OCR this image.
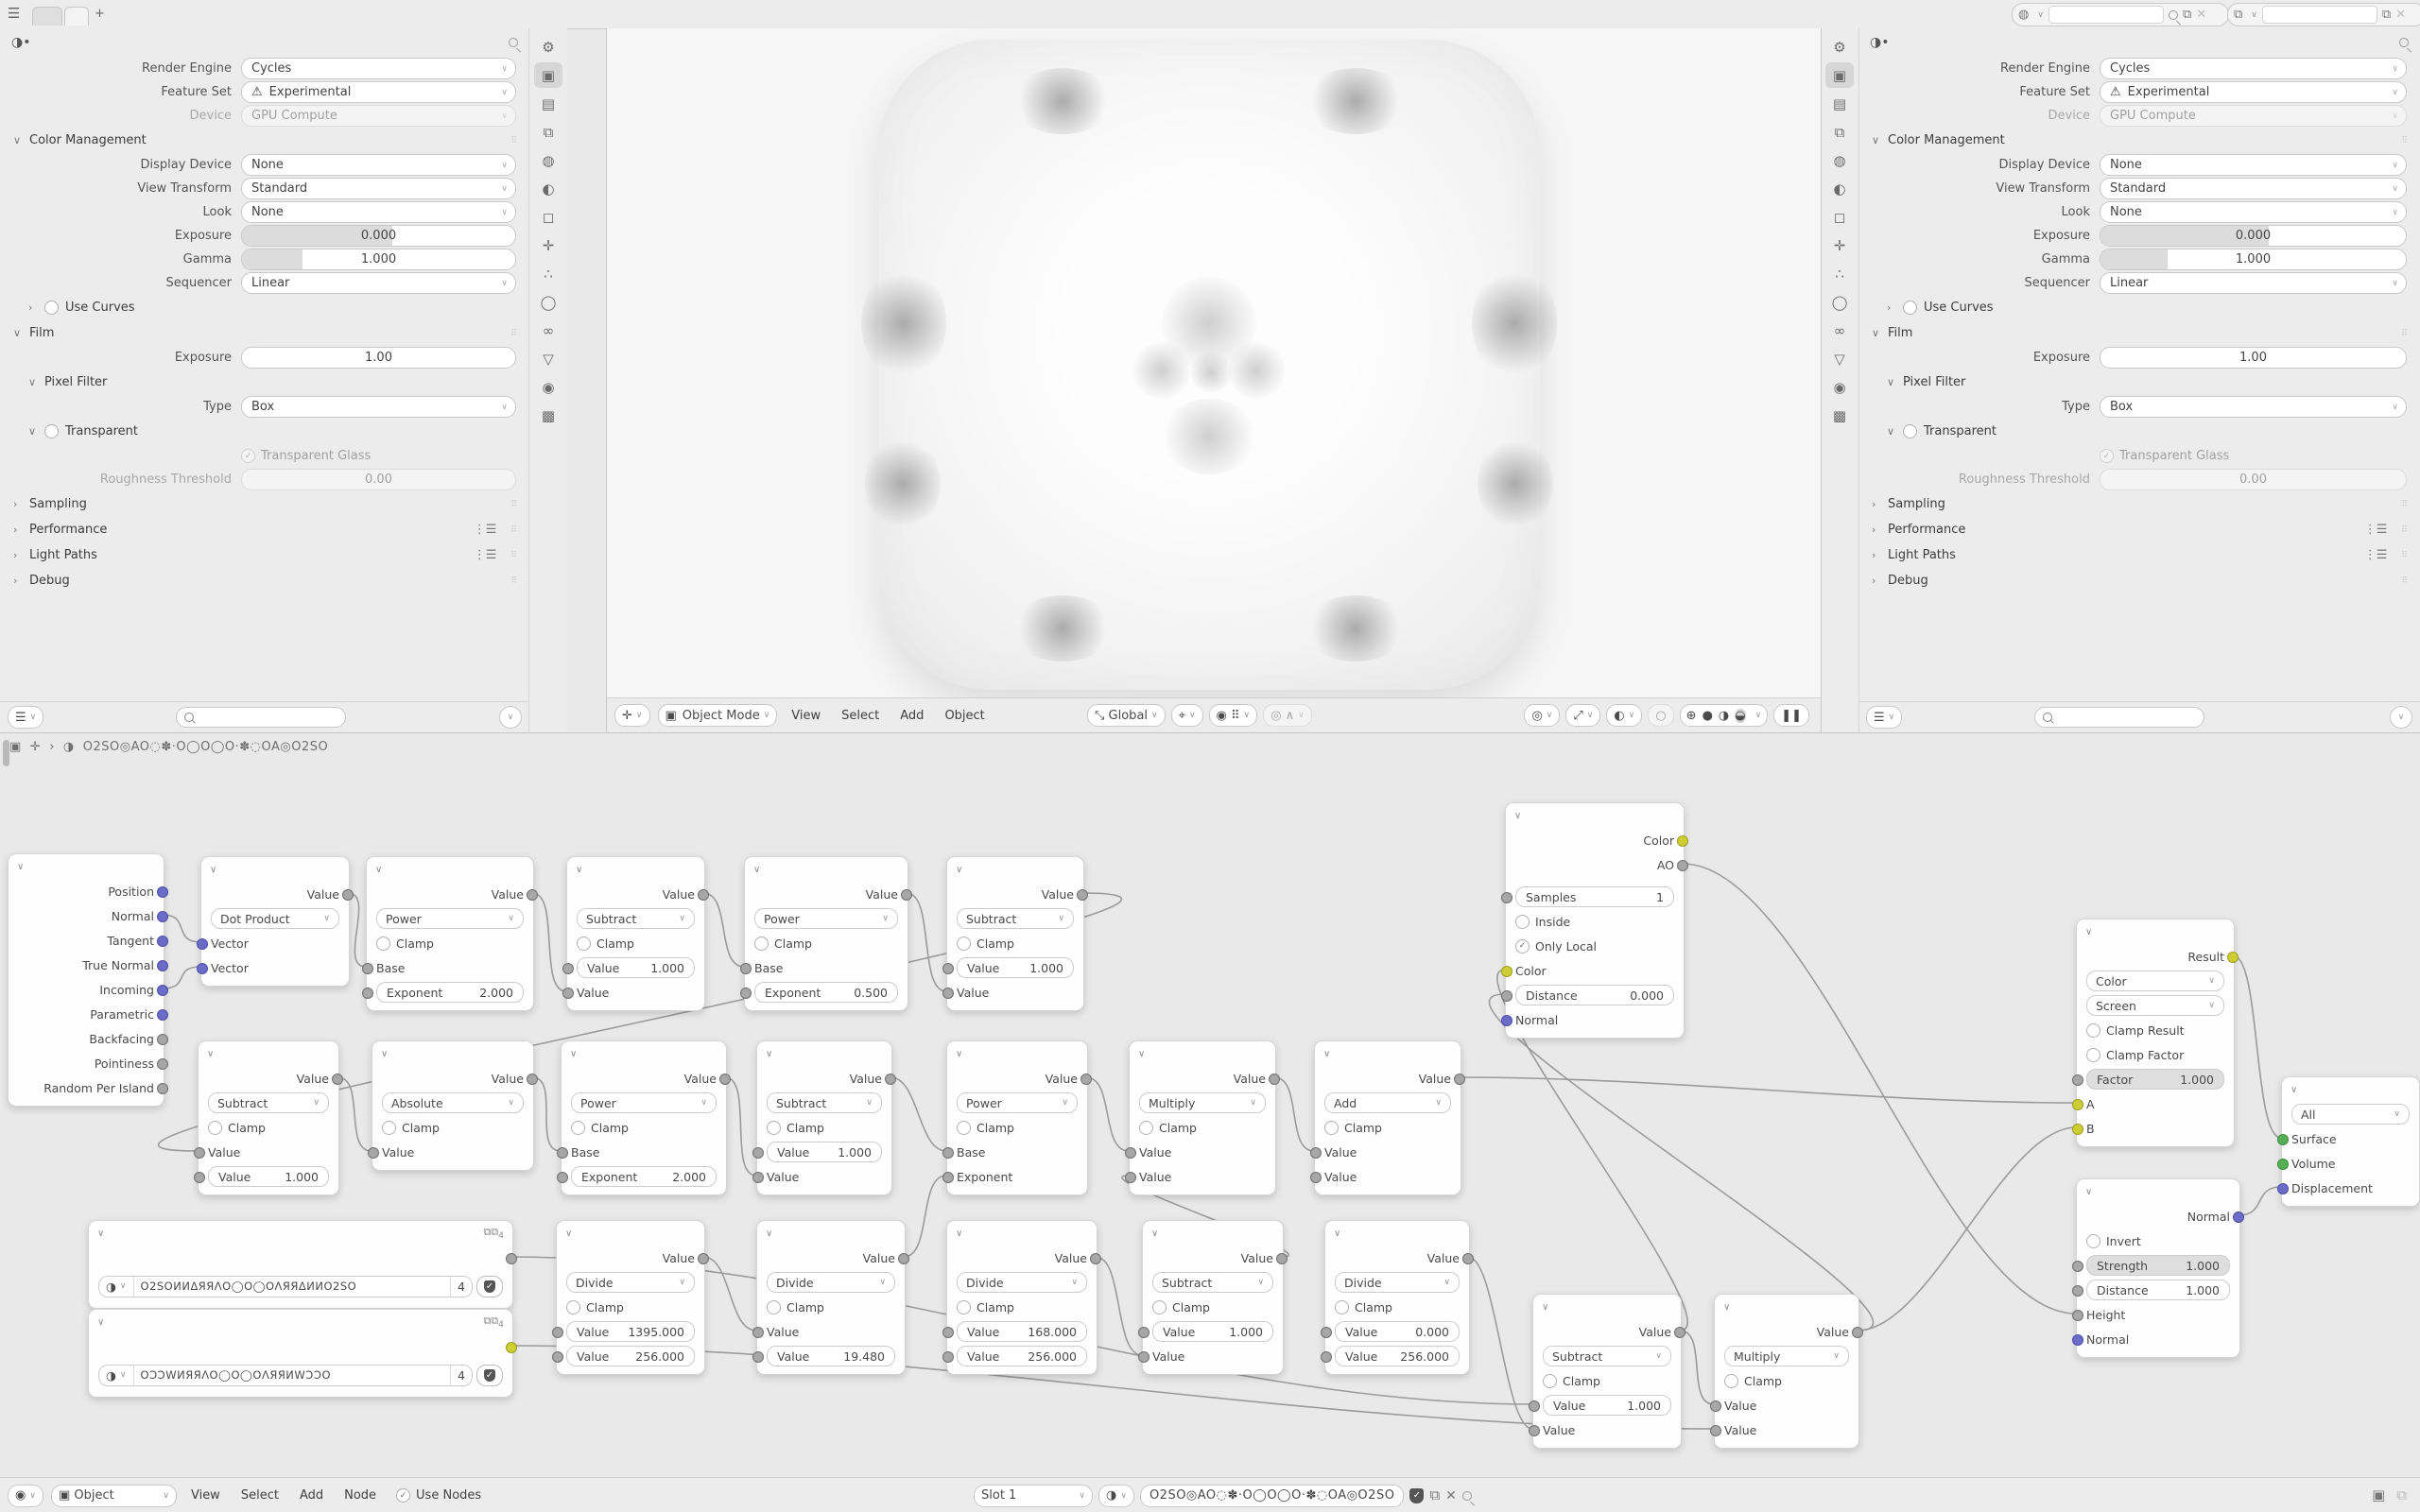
☰	+	◍ ∨	⧉ ✕ ⧉ ∨	⧉ ✕
◑•
Render Engine	Cycles	∨
Feature Set	⚠ Experimental	∨
Device	GPU Compute	∨
∨ Color Management	⠿
Display Device	None	∨
View Transform	Standard	∨
Look	None	∨
Exposure	0.000
Gamma	1.000
Sequencer	Linear	∨
›	Use Curves
∨ Film	⠿
Exposure	1.00
∨ Pixel Filter
Type	Box	∨
∨ Transparent
✓ Transparent Glass
Roughness Threshold	0.00
› Sampling	⠿
› Performance	⋮☰ ⠿
› Light Paths	⋮☰ ⠿
› Debug	⠿
☰ ∨	∨
⚙
▣
▤
⧉
◍
◐
◻
✛
∴
◯
∞
▽
◉
▩
◑•
Render Engine	Cycles	∨
Feature Set	⚠ Experimental	∨
Device	GPU Compute	∨
∨ Color Management	⠿
Display Device	None	∨
View Transform	Standard	∨
Look	None	∨
Exposure	0.000
Gamma	1.000
Sequencer	Linear	∨
›	Use Curves
∨ Film	⠿
Exposure	1.00
∨ Pixel Filter
Type	Box	∨
∨ Transparent
✓ Transparent Glass
Roughness Threshold	0.00
› Sampling	⠿
› Performance	⋮☰ ⠿
› Light Paths	⋮☰ ⠿
› Debug	⠿
☰ ∨	∨
⚙
▣
▤
⧉
◍
◐
◻
✛
∴
◯
∞
▽
◉
▩
✛ ∨ ▣ Object Mode ∨	View	Select	Add	Object	⤡
Global ∨ ⌖ ∨ ◉ ⠿ ∨ ◎ ∧ ∨	◎ ∨ ⤢ ∨ ◐ ∨ ○ ⊕ ● ◑ ◒ ∨	❚❚
▣ ✛ › ◑ O2SO◎AO◌✽·O◯O◯O·✽◌OA◎O2SO
∨
Position
Normal
Tangent
True Normal
Incoming
Parametric
Backfacing
Pointiness
Random Per Island
∨
Value
Dot Product	∨
Vector
Vector
∨
Value
Power	∨
Clamp
Base
Exponent	2.000
∨
Value
Subtract	∨
Clamp
Value	1.000
Value
∨
Value
Power	∨
Clamp
Base
Exponent	0.500
∨
Value
Subtract	∨
Clamp
Value	1.000
Value
∨
Color
AO
Samples	1
Inside
✓ Only Local
Color
Distance	0.000
Normal
∨
Value
Subtract	∨
Clamp
Value
Value	1.000
∨
Value
Absolute	∨
Clamp
Value
∨
Value
Power	∨
Clamp
Base
Exponent	2.000
∨
Value
Subtract	∨
Clamp
Value 1.000
Value
∨
Value
Power	∨
Clamp
Base
Exponent
∨
Value
Multiply	∨
Clamp
Value
Value
∨
Value
Add	∨
Clamp
Value
Value
∨	$⧉⧉_4$
◑ ∨	O2SOͶͶΔЯЯΛO◯O◯OΛЯЯΔͶͶO2SO	4	✓
∨	$⧉⧉_4$
◑ ∨	OƆƆWͶЯЯΛO◯O◯OΛЯЯͶWƆƆO	4	✓
∨
Value
Divide	∨
Clamp
Value 1395.000
Value 256.000
∨
Value
Divide	∨
Clamp
Value
Value	19.480
∨
Value
Divide	∨
Clamp
Value 168.000
Value 256.000
∨
Value
Subtract	∨
Clamp
Value	1.000
Value
∨
Value
Divide	∨
Clamp
Value	0.000
Value 256.000
∨
Value
Subtract	∨
Clamp
Value	1.000
Value
∨
Value
Multiply	∨
Clamp
Value
Value
∨
Result
Color	∨
Screen	∨
Clamp Result
Clamp Factor
Factor	1.000
A
B
∨
All	∨
Surface
Volume
Displacement
∨
Normal
Invert
Strength	1.000
Distance	1.000
Height
Normal
◉ ∨ ▣
Object	∨	View	Select	Add	Node	✓ Use Nodes	Slot 1	∨ ◑ ∨ O2SO◎AO◌✽·O◯O◯O·✽◌OA◎O2SO ✓ ⧉ ✕	▣ ⧉
